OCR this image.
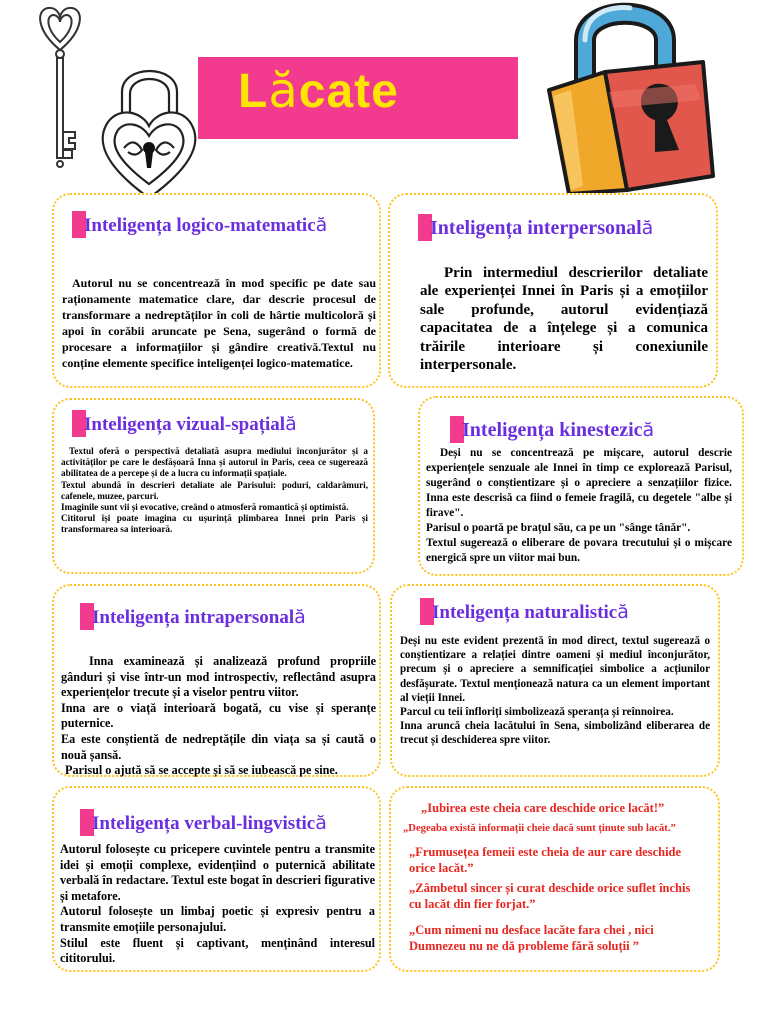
Lăcate
Inteligența logico-matematică
Autorul nu se concentrează în mod specific pe date sau raționamente matematice clare, dar descrie procesul de transformare a nedreptăților în coli de hârtie multicoloră și apoi în corăbii aruncate pe Sena, sugerând o formă de procesare a informațiilor și gândire creativă.Textul nu conține elemente specifice inteligenței logico-matematice.
Inteligența interpersonală
Prin intermediul descrierilor detaliate ale experienței Innei în Paris și a emoțiilor sale profunde, autorul evidențiază capacitatea de a înțelege și a comunica trăirile interioare și conexiunile interpersonale.
Inteligența vizual-spațială
Textul oferă o perspectivă detaliată asupra mediului înconjurător și a activităților pe care le desfășoară Inna și autorul în Paris, ceea ce sugerează abilitatea de a percepe și de a lucra cu informații spațiale.
Textul abundă în descrieri detaliate ale Parisului: poduri, caldarâmuri, cafenele, muzee, parcuri.
Imaginile sunt vii și evocative, creând o atmosferă romantică și optimistă.
Cititorul își poate imagina cu ușurință plimbarea Innei prin Paris și transformarea sa interioară.
Inteligența kinestezică
Deși nu se concentrează pe mișcare, autorul descrie experiențele senzuale ale Innei în timp ce explorează Parisul, sugerând o conștientizare și o apreciere a senzațiilor fizice. Inna este descrisă ca fiind o femeie fragilă, cu degetele "albe și firave".
Parisul o poartă pe brațul său, ca pe un "sânge tânăr".
Textul sugerează o eliberare de povara trecutului și o mișcare energică spre un viitor mai bun.
Inteligența intrapersonală
Inna examinează și analizează profund propriile gânduri și vise într-un mod introspectiv, reflectând asupra experiențelor trecute și a viselor pentru viitor.
Inna are o viață interioară bogată, cu vise și speranțe puternice.
Ea este conștientă de nedreptățile din viața sa și caută o nouă șansă.
Parisul o ajută să se accepte și să se iubească pe sine.
Inteligența naturalistică
Deși nu este evident prezentă în mod direct, textul sugerează o conștientizare a relației dintre oameni și mediul înconjurător, precum și o apreciere a semnificației simbolice a acțiunilor desfășurate. Textul menționează natura ca un element important al vieții Innei.
Parcul cu teii înfloriți simbolizează speranța și reînnoirea.
Inna aruncă cheia lacătului în Sena, simbolizând eliberarea de trecut și deschiderea spre viitor.
Inteligența verbal-lingvistică
Autorul folosește cu pricepere cuvintele pentru a transmite idei și emoții complexe, evidențiind o puternică abilitate verbală în redactare. Textul este bogat în descrieri figurative și metafore.
Autorul folosește un limbaj poetic și expresiv pentru a transmite emoțiile personajului.
Stilul este fluent și captivant, menținând interesul cititorului.
„Iubirea este cheia care deschide orice lacăt!”
„Degeaba există informații cheie dacă sunt ținute sub lacăt.”
„Frumusețea femeii este cheia de aur care deschide orice lacăt.”
„Zâmbetul sincer și curat deschide orice suflet închis cu lacăt din fier forjat.”
„Cum nimeni nu desface lacăte fara chei , nici Dumnezeu nu ne dă probleme fără soluții ”
